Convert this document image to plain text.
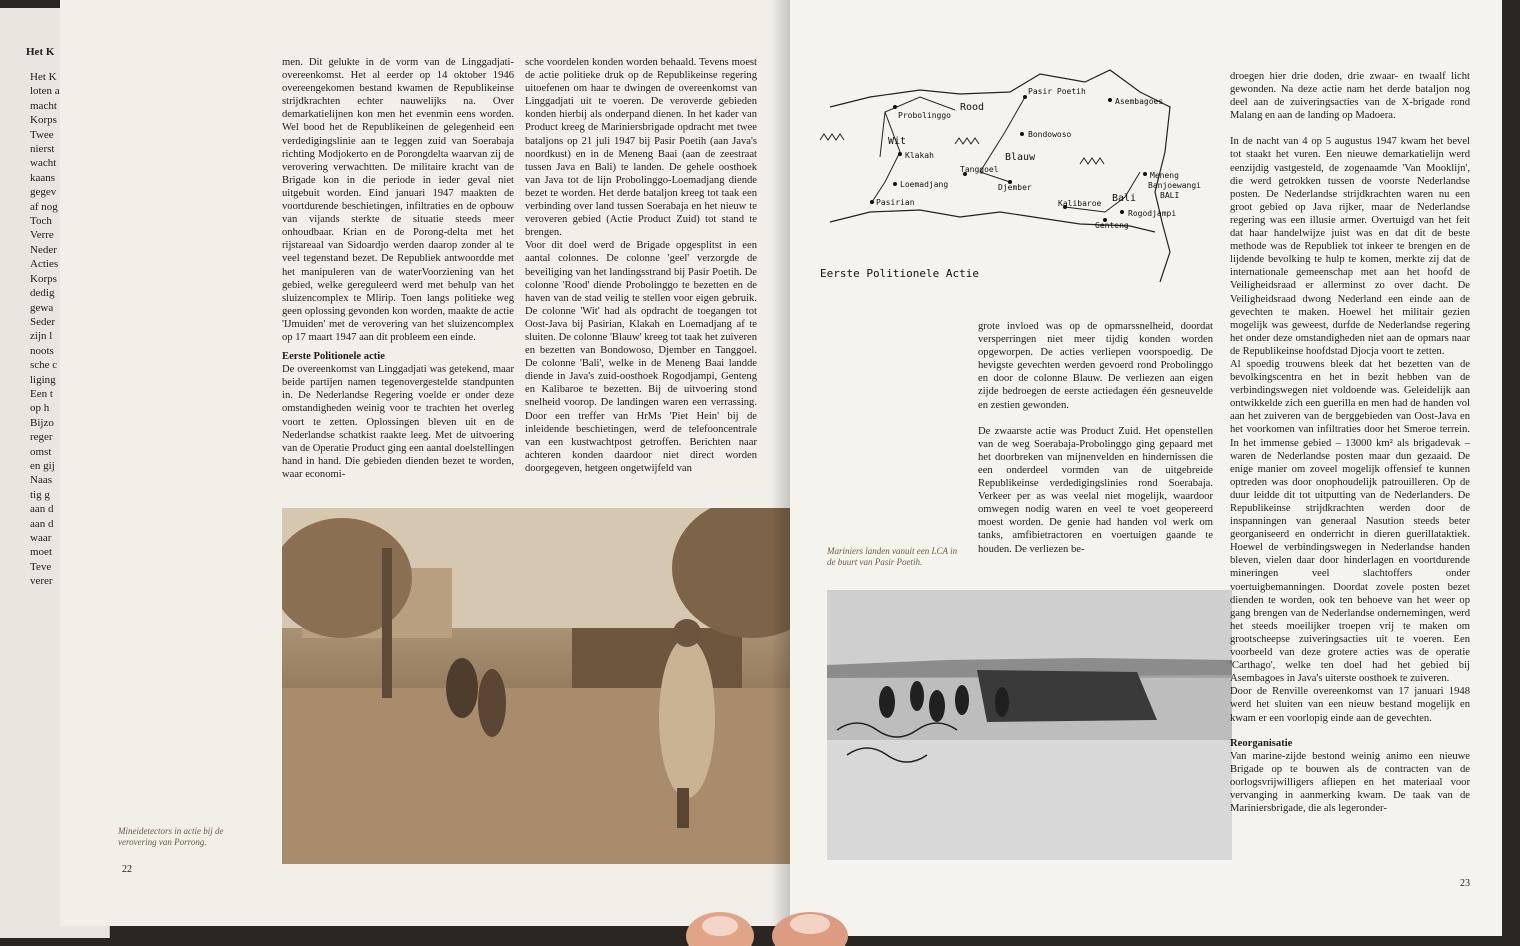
Het K
Het K
loten a
macht
Korps
Twee
nierst
wacht
kaans
gegev
af nog
Toch
Verre
Neder
Acties
Korps
dedig
gewa
Seder
zijn l
noots
sche c
liging
Een t
op h
Bijzo
reger
omst
en gij
Naas
tig g
aan d
aan d
waar
moet
Teve
verer

men. Dit gelukte in de vorm van de Linggadjati-overeenkomst. Het al eerder op 14 oktober 1946 overeengekomen bestand kwamen de Republikeinse strijdkrachten echter nauwelijks na. Over demarkatielijnen kon men het evenmin eens worden. Wel bood het de Republikeinen de gelegenheid een verdedigingslinie aan te leggen zuid van Soerabaja richting Modjokerto en de Porongdelta waarvan zij de verovering verwachtten. De militaire kracht van de Brigade kon in die periode in ieder geval niet uitgebuit worden. Eind januari 1947 maakten de voortdurende beschietingen, infiltraties en de opbouw van vijands sterkte de situatie steeds meer onhoudbaar. Krian en de Porong-delta met het rijstareaal van Sidoardjo werden daarop zonder al te veel tegenstand bezet. De Republiek antwoordde met het manipuleren van de waterVoorziening van het gebied, welke gereguleerd werd met behulp van het sluizencomplex te Mlirip. Toen langs politieke weg geen oplossing gevonden kon worden, maakte de actie 'IJmuiden' met de verovering van het sluizencomplex op 17 maart 1947 aan dit probleem een einde.

Eerste Politionele actie

De overeenkomst van Linggadjati was getekend, maar beide partijen namen tegenovergestelde standpunten in. De Nederlandse Regering voelde er onder deze omstandigheden weinig voor te trachten het overleg voort te zetten. Oplossingen bleven uit en de Nederlandse schatkist raakte leeg. Met de uitvoering van de Operatie Product ging een aantal doelstellingen hand in hand. Die gebieden dienden bezet te worden, waar economi-

sche voordelen konden worden behaald. Tevens moest de actie politieke druk op de Republikeinse regering uitoefenen om haar te dwingen de overeenkomst van Linggadjati uit te voeren. De veroverde gebieden konden hierbij als onderpand dienen. In het kader van Product kreeg de Mariniersbrigade opdracht met twee bataljons op 21 juli 1947 bij Pasir Poetih (aan Java's noordkust) en in de Meneng Baai (aan de zeestraat tussen Java en Bali) te landen. De gehele oosthoek van Java tot de lijn Probolinggo-Loemadjang diende bezet te worden. Het derde bataljon kreeg tot taak een verbinding over land tussen Soerabaja en het nieuw te veroveren gebied (Actie Product Zuid) tot stand te brengen.

Voor dit doel werd de Brigade opgesplitst in een aantal colonnes. De colonne 'geel' verzorgde de beveiliging van het landingsstrand bij Pasir Poetih. De colonne 'Rood' diende Probolinggo te bezetten en de haven van de stad veilig te stellen voor eigen gebruik. De colonne 'Wit' had als opdracht de toegangen tot Oost-Java bij Pasirian, Klakah en Loemadjang af te sluiten. De colonne 'Blauw' kreeg tot taak het zuiveren en bezetten van Bondowoso, Djember en Tanggoel. De colonne 'Bali', welke in de Meneng Baai landde diende in Java's zuid-oosthoek Rogodjampi, Genteng en Kalibaroe te bezetten. Bij de uitvoering stond snelheid voorop. De landingen waren een verrassing. Door een treffer van HrMs 'Piet Hein' bij de inleidende beschietingen, werd de telefooncentrale van een kustwachtpost getroffen. Berichten naar achteren konden daardoor niet direct worden doorgegeven, hetgeen ongetwijfeld van

Mineidetectors in actie bij de verovering van Porrong.
22
Pasir Poetih
Asembagoes
Probolinggo
Rood
Bondowoso
Wit
Klakah
Tanggoel
Blauw
Djember
Loemadjang
Pasirian
Meneng
Banjoewangi
BALI
Bali
Kalibaroe
Rogodjampi
Genteng
Eerste Politionele Actie

grote invloed was op de opmarssnelheid, doordat versperringen niet meer tijdig konden worden opgeworpen. De acties verliepen voorspoedig. De hevigste gevechten werden gevoerd rond Probolinggo en door de colonne Blauw. De verliezen aan eigen zijde bedroegen de eerste actiedagen één gesneuvelde en zestien gewonden.

De zwaarste actie was Product Zuid. Het openstellen van de weg Soerabaja-Probolinggo ging gepaard met het doorbreken van mijnenvelden en hindernissen die een onderdeel vormden van de uitgebreide Republikeinse verdedigingslinies rond Soerabaja. Verkeer per as was veelal niet mogelijk, waardoor omwegen nodig waren en veel te voet geopereerd moest worden. De genie had handen vol werk om tanks, amfibietractoren en voertuigen gaande te houden. De verliezen be-

Mariniers landen vanuit een LCA in de buurt van Pasir Poetih.

droegen hier drie doden, drie zwaar- en twaalf licht gewonden. Na deze actie nam het derde bataljon nog deel aan de zuiveringsacties van de X-brigade rond Malang en aan de landing op Madoera.

In de nacht van 4 op 5 augustus 1947 kwam het bevel tot staakt het vuren. Een nieuwe demarkatielijn werd eenzijdig vastgesteld, de zogenaamde 'Van Mooklijn', die werd getrokken tussen de voorste Nederlandse posten. De Nederlandse strijdkrachten waren nu een groot gebied op Java rijker, maar de Nederlandse regering was een illusie armer. Overtuigd van het feit dat haar handelwijze juist was en dat dit de beste methode was de Republiek tot inkeer te brengen en de lijdende bevolking te hulp te komen, merkte zij dat de internationale gemeenschap met aan het hoofd de Veiligheidsraad er allerminst zo over dacht. De Veiligheidsraad dwong Nederland een einde aan de gevechten te maken. Hoewel het militair gezien mogelijk was geweest, durfde de Nederlandse regering het onder deze omstandigheden niet aan de opmars naar de Republikeinse hoofdstad Djocja voort te zetten.

Al spoedig trouwens bleek dat het bezetten van de bevolkingscentra en het in bezit hebben van de verbindingswegen niet voldoende was. Geleidelijk aan ontwikkelde zich een guerilla en men had de handen vol aan het zuiveren van de berggebieden van Oost-Java en het voorkomen van infiltraties door het Smeroe terrein. In het immense gebied – 13000 km² als brigadevak – waren de Nederlandse posten maar dun gezaaid. De enige manier om zoveel mogelijk offensief te kunnen optreden was door onophoudelijk patrouilleren. Op de duur leidde dit tot uitputting van de Nederlanders. De Republikeinse strijdkrachten werden door de inspanningen van generaal Nasution steeds beter georganiseerd en onderricht in dieren guerillataktiek. Hoewel de verbindingswegen in Nederlandse handen bleven, vielen daar door hinderlagen en voortdurende mineringen veel slachtoffers onder voertuigbemanningen. Doordat zovele posten bezet dienden te worden, ook ten behoeve van het weer op gang brengen van de Nederlandse ondernemingen, werd het steeds moeilijker troepen vrij te maken om grootscheepse zuiveringsacties uit te voeren. Een voorbeeld van deze grotere acties was de operatie 'Carthago', welke ten doel had het gebied bij Asembagoes in Java's uiterste oosthoek te zuiveren.

Door de Renville overeenkomst van 17 januari 1948 werd het sluiten van een nieuw bestand mogelijk en kwam er een voorlopig einde aan de gevechten.

Reorganisatie

Van marine-zijde bestond weinig animo een nieuwe Brigade op te bouwen als de contracten van de oorlogsvrijwilligers afliepen en het materiaal voor vervanging in aanmerking kwam. De taak van de Mariniersbrigade, die als legeronder-

23
